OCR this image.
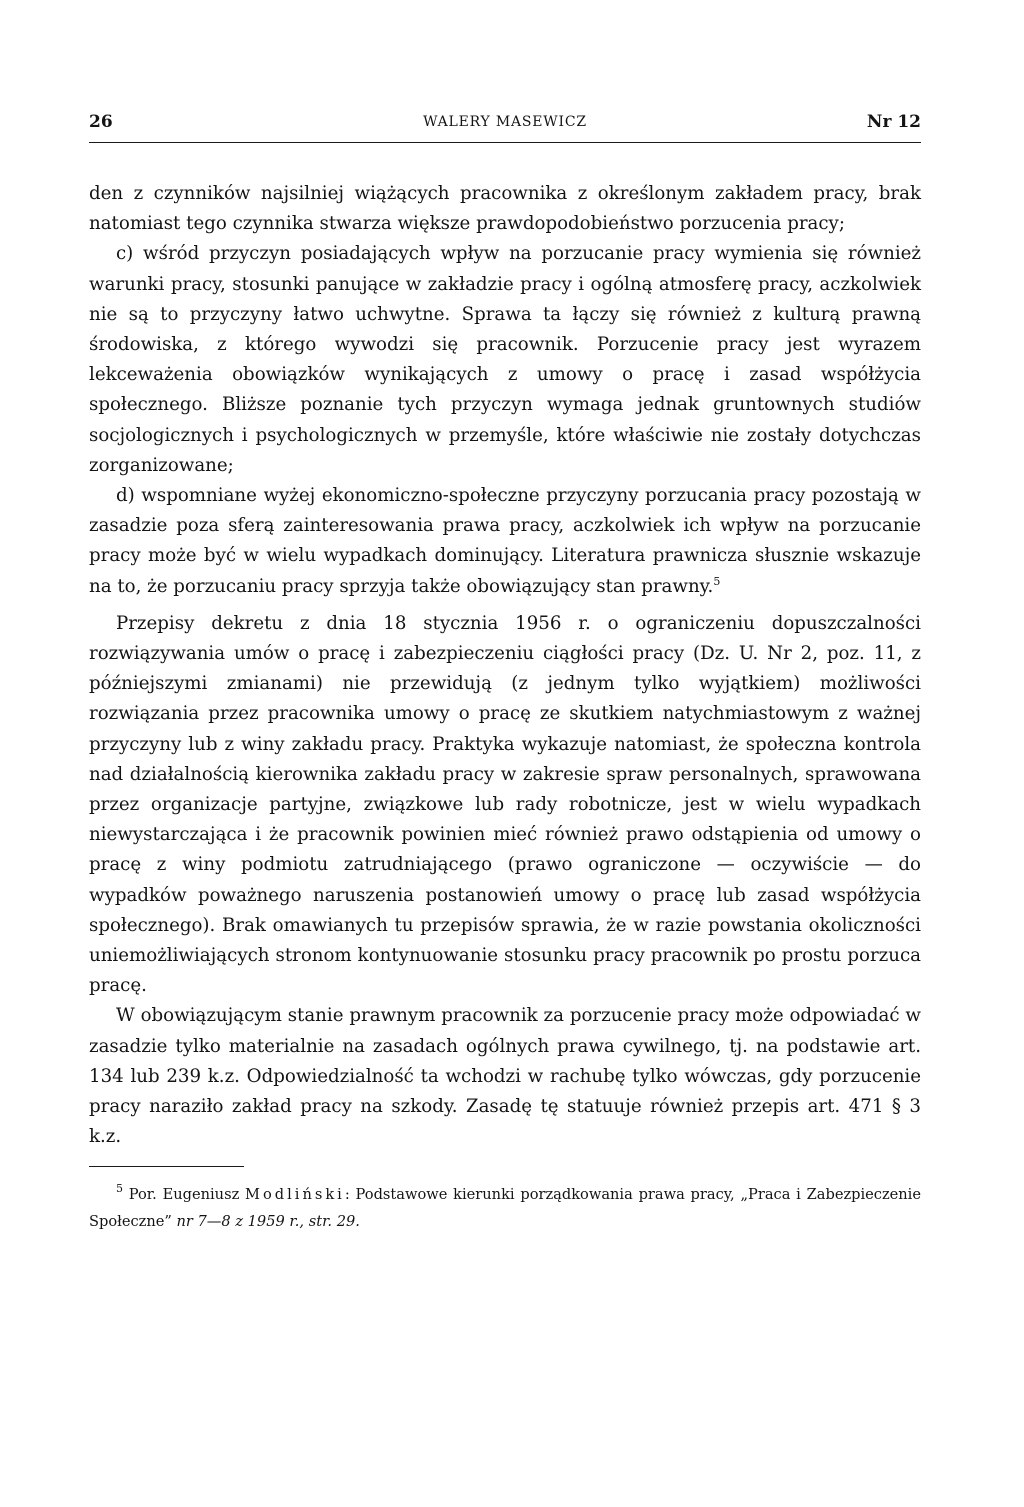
26	WALERY MASEWICZ	Nr 12

den z czynników najsilniej wiążących pracownika z określonym zakładem pracy, brak natomiast tego czynnika stwarza większe prawdopodobieństwo porzucenia pracy;

c) wśród przyczyn posiadających wpływ na porzucanie pracy wymienia się również warunki pracy, stosunki panujące w zakładzie pracy i ogólną atmosferę pracy, aczkolwiek nie są to przyczyny łatwo uchwytne. Sprawa ta łączy się również z kulturą prawną środowiska, z którego wywodzi się pracownik. Porzucenie pracy jest wyrazem lekceważenia obowiązków wynikających z umowy o pracę i zasad współżycia społecznego. Bliższe poznanie tych przyczyn wymaga jednak gruntownych studiów socjologicznych i psychologicznych w przemyśle, które właściwie nie zostały dotychczas zorganizowane;

d) wspomniane wyżej ekonomiczno-społeczne przyczyny porzucania pracy pozostają w zasadzie poza sferą zainteresowania prawa pracy, aczkolwiek ich wpływ na porzucanie pracy może być w wielu wypadkach dominujący. Literatura prawnicza słusznie wskazuje na to, że porzucaniu pracy sprzyja także obowiązujący stan prawny.$^5$

Przepisy dekretu z dnia 18 stycznia 1956 r. o ograniczeniu dopuszczalności rozwiązywania umów o pracę i zabezpieczeniu ciągłości pracy (Dz. U. Nr 2, poz. 11, z późniejszymi zmianami) nie przewidują (z jednym tylko wyjątkiem) możliwości rozwiązania przez pracownika umowy o pracę ze skutkiem natychmiastowym z ważnej przyczyny lub z winy zakładu pracy. Praktyka wykazuje natomiast, że społeczna kontrola nad działalnością kierownika zakładu pracy w zakresie spraw personalnych, sprawowana przez organizacje partyjne, związkowe lub rady robotnicze, jest w wielu wypadkach niewystarczająca i że pracownik powinien mieć również prawo odstąpienia od umowy o pracę z winy podmiotu zatrudniającego (prawo ograniczone — oczywiście — do wypadków poważnego naruszenia postanowień umowy o pracę lub zasad współżycia społecznego). Brak omawianych tu przepisów sprawia, że w razie powstania okoliczności uniemożliwiających stronom kontynuowanie stosunku pracy pracownik po prostu porzuca pracę.

W obowiązującym stanie prawnym pracownik za porzucenie pracy może odpowiadać w zasadzie tylko materialnie na zasadach ogólnych prawa cywilnego, tj. na podstawie art. 134 lub 239 k.z. Odpowiedzialność ta wchodzi w rachubę tylko wówczas, gdy porzucenie pracy naraziło zakład pracy na szkody. Zasadę tę statuuje również przepis art. 471 § 3 k.z.

$^5$ Por. Eugeniusz Modliński: Podstawowe kierunki porządkowania prawa pracy, „Praca i Zabezpieczenie Społeczne” nr 7—8 z 1959 r., str. 29.
